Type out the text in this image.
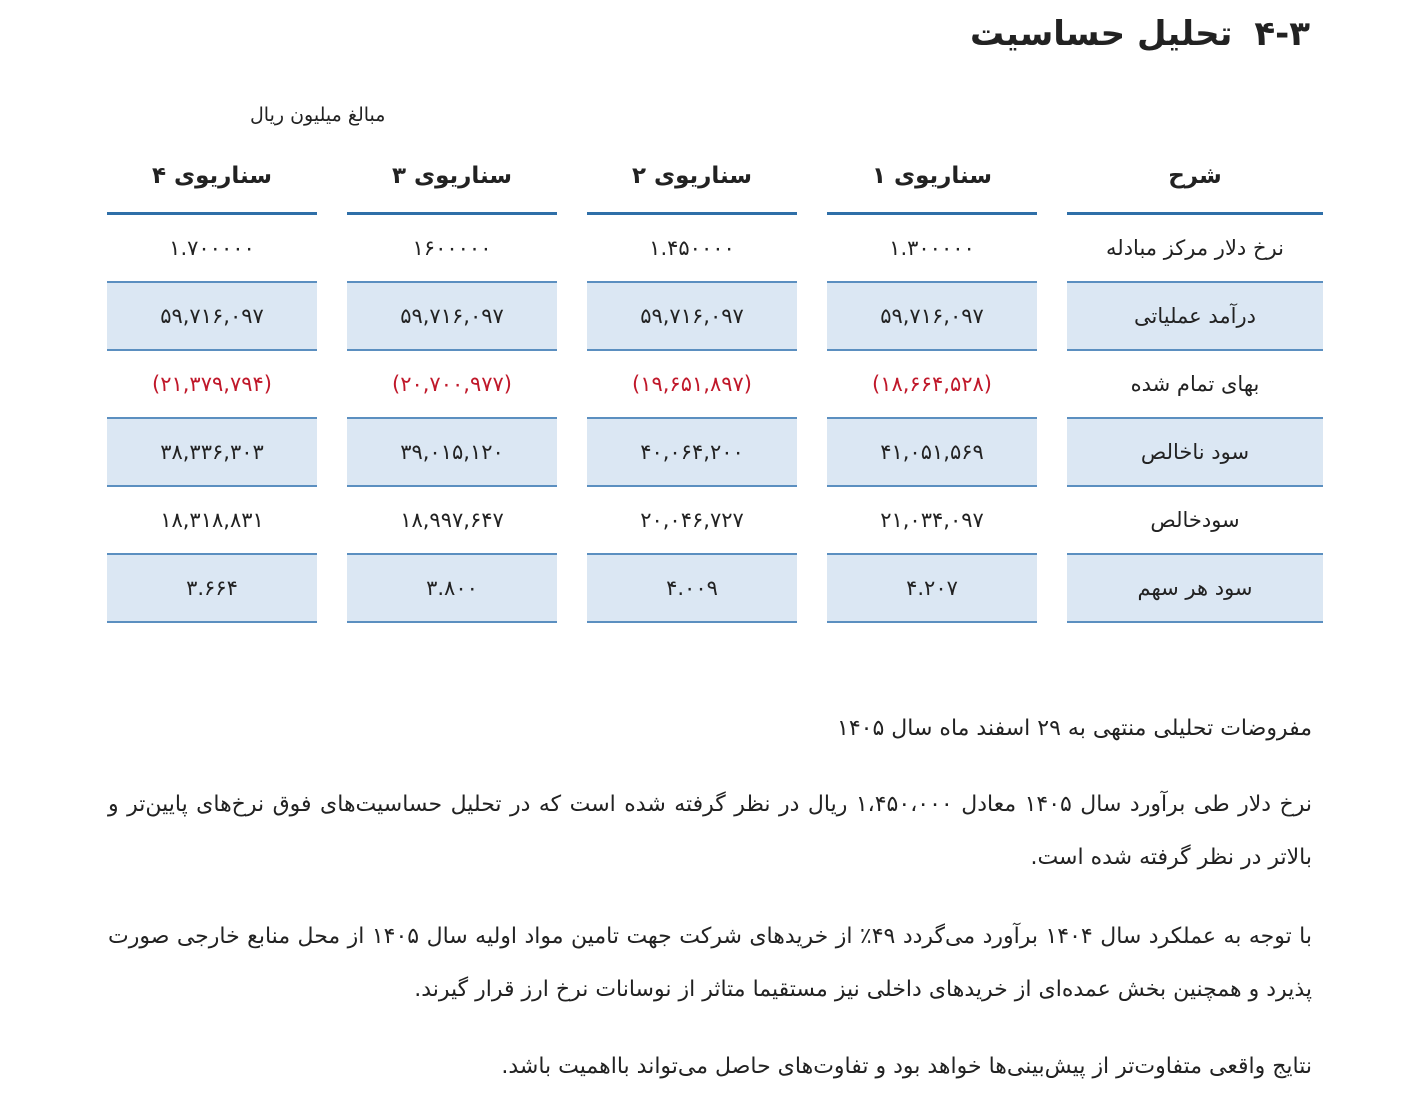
۴-۳تحلیل حساسیت
مبالغ میلیون ریال
شرح	سناریوی ۱	سناریوی ۲	سناریوی ۳	سناریوی ۴
نرخ دلار مرکز مبادله	۱.۳۰۰۰۰۰	۱.۴۵۰۰۰۰	۱۶۰۰۰۰۰	۱.۷۰۰۰۰۰
درآمد عملیاتی	۵۹,۷۱۶,۰۹۷	۵۹,۷۱۶,۰۹۷	۵۹,۷۱۶,۰۹۷	۵۹,۷۱۶,۰۹۷
بهای تمام شده	(۱۸,۶۶۴,۵۲۸)	(۱۹,۶۵۱,۸۹۷)	(۲۰,۷۰۰,۹۷۷)	(۲۱,۳۷۹,۷۹۴)
سود ناخالص	۴۱,۰۵۱,۵۶۹	۴۰,۰۶۴,۲۰۰	۳۹,۰۱۵,۱۲۰	۳۸,۳۳۶,۳۰۳
سودخالص	۲۱,۰۳۴,۰۹۷	۲۰,۰۴۶,۷۲۷	۱۸,۹۹۷,۶۴۷	۱۸,۳۱۸,۸۳۱
سود هر سهم	۴.۲۰۷	۴.۰۰۹	۳.۸۰۰	۳.۶۶۴

مفروضات تحلیلی منتهی به ۲۹ اسفند ماه سال ۱۴۰۵

نرخ دلار طی برآورد سال ۱۴۰۵ معادل ۱،۴۵۰،۰۰۰ ریال در نظر گرفته شده است که در تحلیل حساسیت‌های فوق نرخ‌های پایین‌تر و بالاتر در نظر گرفته شده است.

با توجه به عملکرد سال ۱۴۰۴ برآورد می‌گردد ۴۹٪ از خریدهای شرکت جهت تامین مواد اولیه سال ۱۴۰۵ از محل منابع خارجی صورت پذیرد و همچنین بخش عمده‌ای از خریدهای داخلی نیز مستقیما متاثر از نوسانات نرخ ارز قرار گیرند.

نتایج واقعی متفاوت‌تر از پیش‌بینی‌ها خواهد بود و تفاوت‌های حاصل می‌تواند بااهمیت باشد.
